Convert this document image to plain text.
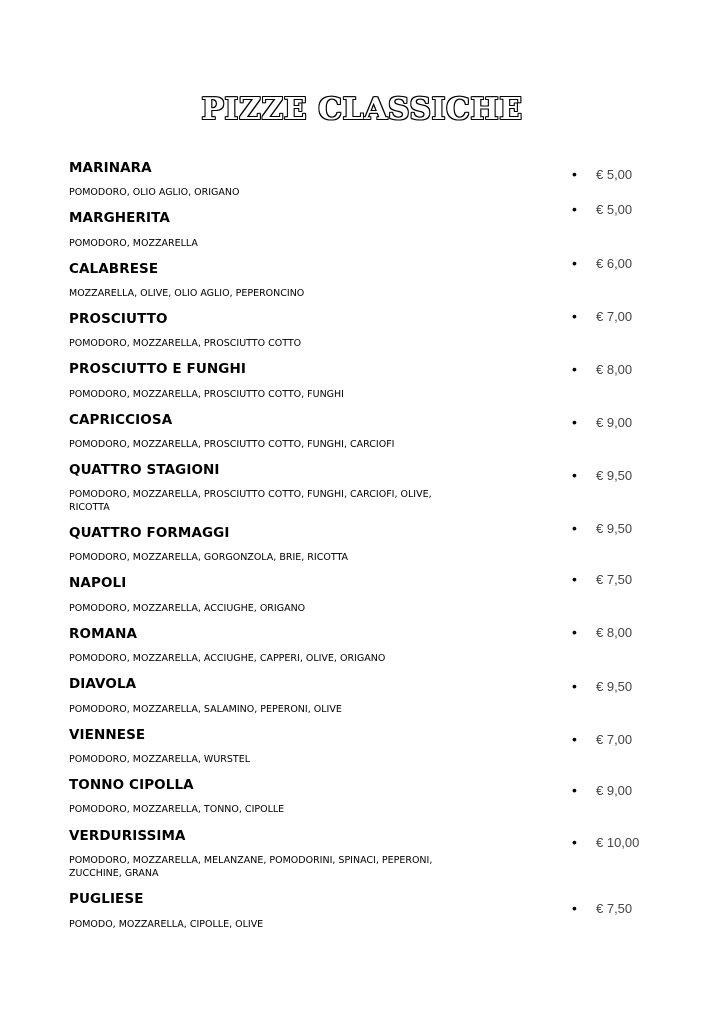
PIZZE CLASSICHE
MARINARA
POMODORO, OLIO AGLIO, ORIGANO
• € 5,00
MARGHERITA
POMODORO, MOZZARELLA
• € 5,00
CALABRESE
MOZZARELLA, OLIVE, OLIO AGLIO, PEPERONCINO
• € 6,00
PROSCIUTTO
POMODORO, MOZZARELLA, PROSCIUTTO COTTO
• € 7,00
PROSCIUTTO E FUNGHI
POMODORO, MOZZARELLA, PROSCIUTTO COTTO, FUNGHI
• € 8,00
CAPRICCIOSA
POMODORO, MOZZARELLA, PROSCIUTTO COTTO, FUNGHI, CARCIOFI
• € 9,00
QUATTRO STAGIONI
POMODORO, MOZZARELLA, PROSCIUTTO COTTO, FUNGHI, CARCIOFI, OLIVE, RICOTTA
• € 9,50
QUATTRO FORMAGGI
POMODORO, MOZZARELLA, GORGONZOLA, BRIE, RICOTTA
• € 9,50
NAPOLI
POMODORO, MOZZARELLA, ACCIUGHE, ORIGANO
• € 7,50
ROMANA
POMODORO, MOZZARELLA, ACCIUGHE, CAPPERI, OLIVE, ORIGANO
• € 8,00
DIAVOLA
POMODORO, MOZZARELLA, SALAMINO, PEPERONI, OLIVE
• € 9,50
VIENNESE
POMODORO, MOZZARELLA, WURSTEL
• € 7,00
TONNO CIPOLLA
POMODORO, MOZZARELLA, TONNO, CIPOLLE
• € 9,00
VERDURISSIMA
POMODORO, MOZZARELLA, MELANZANE, POMODORINI, SPINACI, PEPERONI, ZUCCHINE, GRANA
• € 10,00
PUGLIESE
POMODO, MOZZARELLA, CIPOLLE, OLIVE
• € 7,50
